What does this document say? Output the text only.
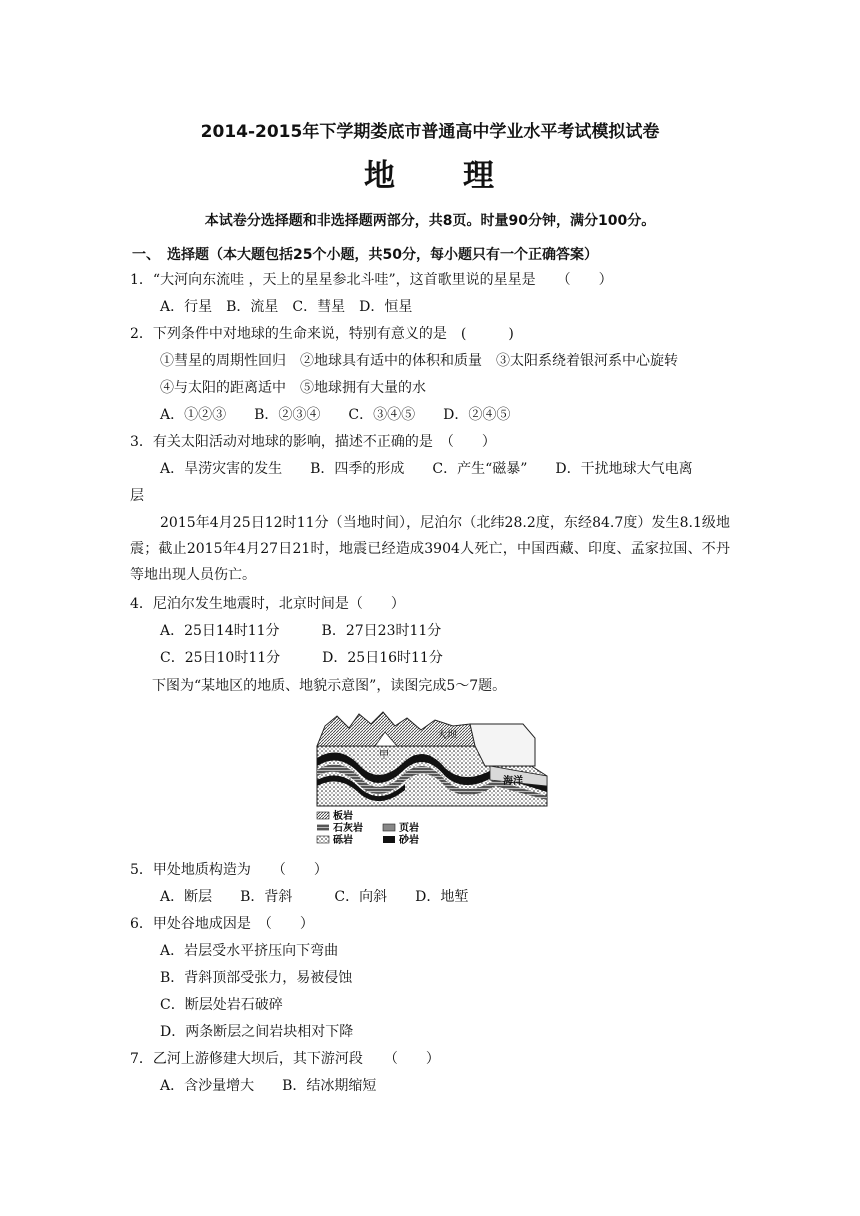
2014-2015年下学期娄底市普通高中学业水平考试模拟试卷
地　　理
本试卷分选择题和非选择题两部分，共8页。时量90分钟，满分100分。
一、　选择题（本大题包括25个小题，共50分，每小题只有一个正确答案）
1．“大河向东流哇 ，天上的星星参北斗哇”，这首歌里说的星星是　　（　　）
A．行星　B．流星　C．彗星　D．恒星
2．下列条件中对地球的生命来说，特别有意义的是　(　　　)
①彗星的周期性回归　②地球具有适中的体积和质量　③太阳系绕着银河系中心旋转
④与太阳的距离适中　⑤地球拥有大量的水
A．①②③　　B．②③④　　C．③④⑤　　D．②④⑤
3．有关太阳活动对地球的影响，描述不正确的是　（　　）
A．旱涝灾害的发生　　B．四季的形成　　C．产生“磁暴”　　D．干扰地球大气电离
层
2015年4月25日12时11分（当地时间），尼泊尔（北纬28.2度，东经84.7度）发生8.1级地震；截止2015年4月27日21时，地震已经造成3904人死亡，中国西藏、印度、孟家拉国、不丹等地出现人员伤亡。
4．尼泊尔发生地震时，北京时间是（　　）
A．25日14时11分　　　B．27日23时11分
C．25日10时11分　　　D．25日16时11分
下图为“某地区的地质、地貌示意图”，读图完成5～7题。
甲
大坝
海洋
板岩
石灰岩	页岩
砾岩	砂岩
5．甲处地质构造为　　（　　）
A．断层　　B．背斜　　　C．向斜　　D．地堑
6．甲处谷地成因是　（　　）
A．岩层受水平挤压向下弯曲
B．背斜顶部受张力，易被侵蚀
C．断层处岩石破碎
D．两条断层之间岩块相对下降
7．乙河上游修建大坝后，其下游河段　　（　　）
A．含沙量增大　　B．结冰期缩短
